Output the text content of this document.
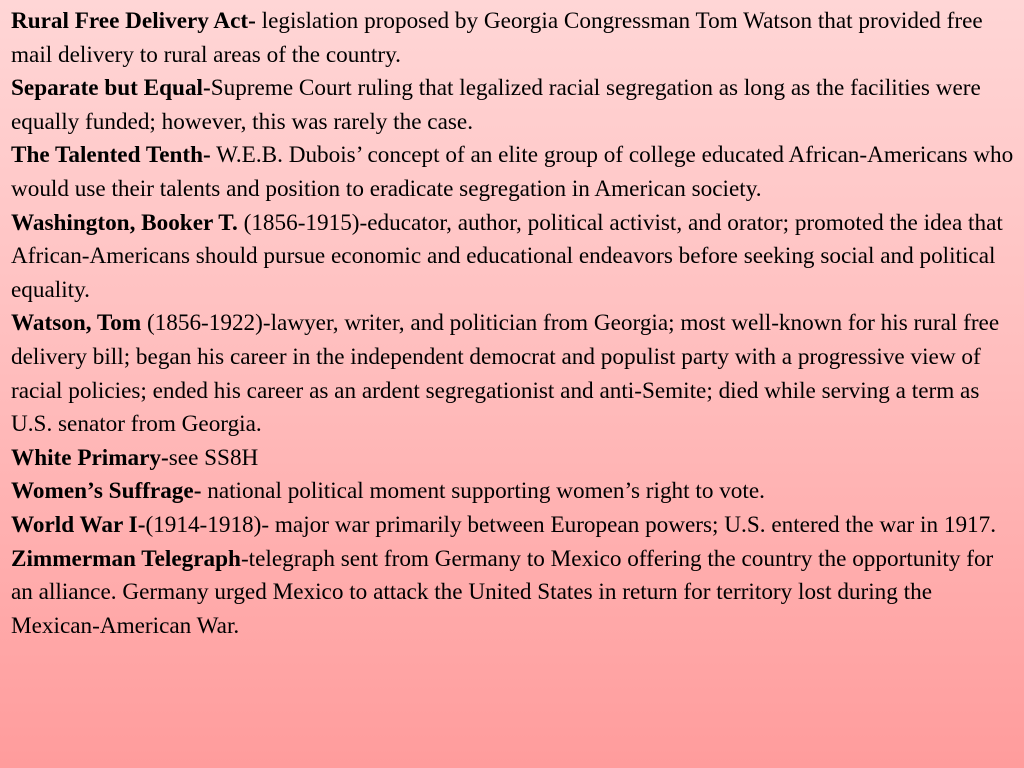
Rural Free Delivery Act- legislation proposed by Georgia Congressman Tom Watson that provided free mail delivery to rural areas of the country.

Separate but Equal-Supreme Court ruling that legalized racial segregation as long as the facilities were equally funded; however, this was rarely the case.

The Talented Tenth- W.E.B. Dubois’ concept of an elite group of college educated African-Americans who would use their talents and position to eradicate segregation in American society.

Washington, Booker T. (1856-1915)-educator, author, political activist, and orator; promoted the idea that African-Americans should pursue economic and educational endeavors before seeking social and political equality.

Watson, Tom (1856-1922)-lawyer, writer, and politician from Georgia; most well-known for his rural free delivery bill; began his career in the independent democrat and populist party with a progressive view of racial policies; ended his career as an ardent segregationist and anti-Semite; died while serving a term as U.S. senator from Georgia.

White Primary-see SS8H

Women’s Suffrage- national political moment supporting women’s right to vote.

World War I-(1914-1918)- major war primarily between European powers; U.S. entered the war in 1917.

Zimmerman Telegraph-telegraph sent from Germany to Mexico offering the country the opportunity for an alliance. Germany urged Mexico to attack the United States in return for territory lost during the Mexican-American War.
